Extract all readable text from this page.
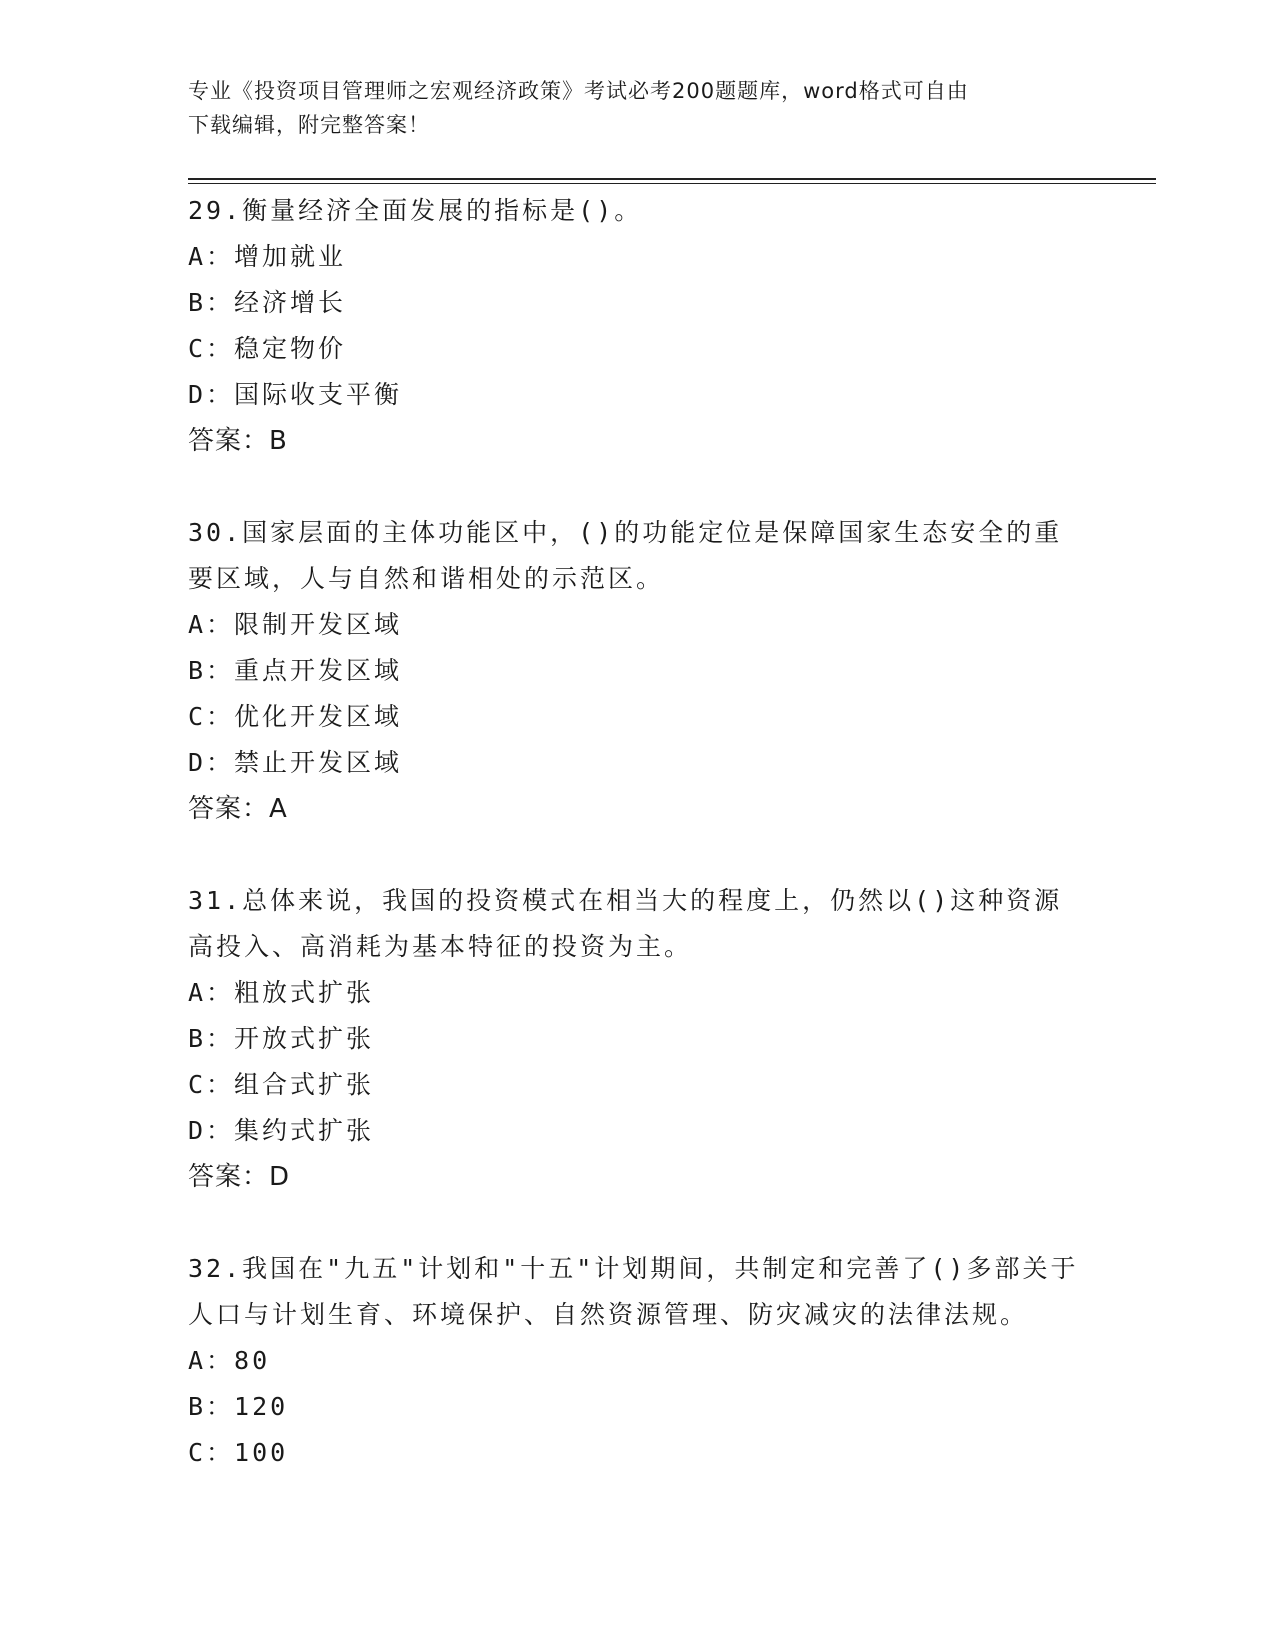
专业《投资项目管理师之宏观经济政策》考试必考200题题库，word格式可自由
下载编辑，附完整答案！

29.衡量经济全面发展的指标是()。

A：增加就业

B：经济增长

C：稳定物价

D：国际收支平衡

答案：B

30.国家层面的主体功能区中，()的功能定位是保障国家生态安全的重

要区域，人与自然和谐相处的示范区。

A：限制开发区域

B：重点开发区域

C：优化开发区域

D：禁止开发区域

答案：A

31.总体来说，我国的投资模式在相当大的程度上，仍然以()这种资源

高投入、高消耗为基本特征的投资为主。

A：粗放式扩张

B：开放式扩张

C：组合式扩张

D：集约式扩张

答案：D

32.我国在"九五"计划和"十五"计划期间，共制定和完善了()多部关于

人口与计划生育、环境保护、自然资源管理、防灾减灾的法律法规。

A：80

B：120

C：100
